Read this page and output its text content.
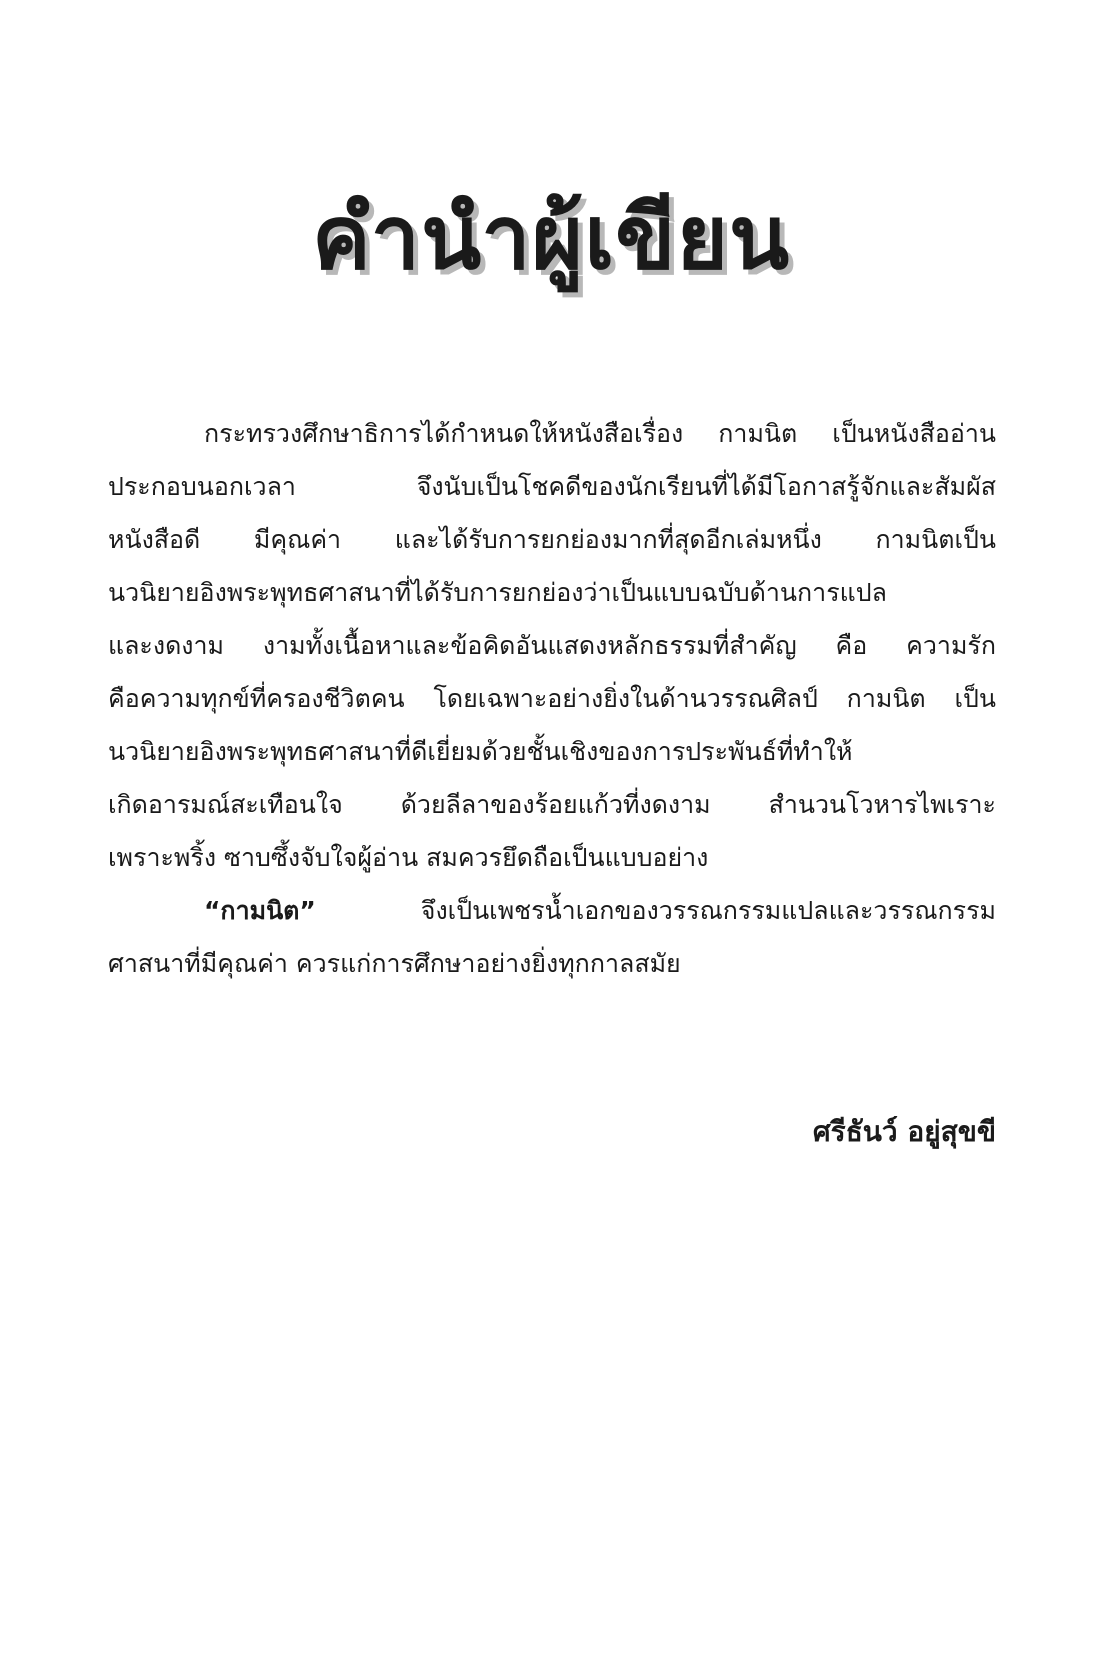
คำนำผู้เขียน
กระทรวงศึกษาธิการได้กำหนดให้หนังสือเรื่อง กามนิต เป็นหนังสืออ่าน
ประกอบนอกเวลา จึงนับเป็นโชคดีของนักเรียนที่ได้มีโอกาสรู้จักและสัมผัส
หนังสือดี มีคุณค่า และได้รับการยกย่องมากที่สุดอีกเล่มหนึ่ง กามนิตเป็น
นวนิยายอิงพระพุทธศาสนาที่ได้รับการยกย่องว่าเป็นแบบฉบับด้านการแปล
และงดงาม งามทั้งเนื้อหาและข้อคิดอันแสดงหลักธรรมที่สำคัญ คือ ความรัก
คือความทุกข์ที่ครองชีวิตคน โดยเฉพาะอย่างยิ่งในด้านวรรณศิลป์ กามนิต เป็น
นวนิยายอิงพระพุทธศาสนาที่ดีเยี่ยมด้วยชั้นเชิงของการประพันธ์ที่ทำให้
เกิดอารมณ์สะเทือนใจ ด้วยลีลาของร้อยแก้วที่งดงาม สำนวนโวหารไพเราะ
เพราะพริ้ง ซาบซึ้งจับใจผู้อ่าน สมควรยึดถือเป็นแบบอย่าง
“กามนิต”	จึงเป็นเพชรน้ำเอกของวรรณกรรมแปลและวรรณกรรม
ศาสนาที่มีคุณค่า ควรแก่การศึกษาอย่างยิ่งทุกกาลสมัย
ศรีธันว์ อยู่สุขขี
